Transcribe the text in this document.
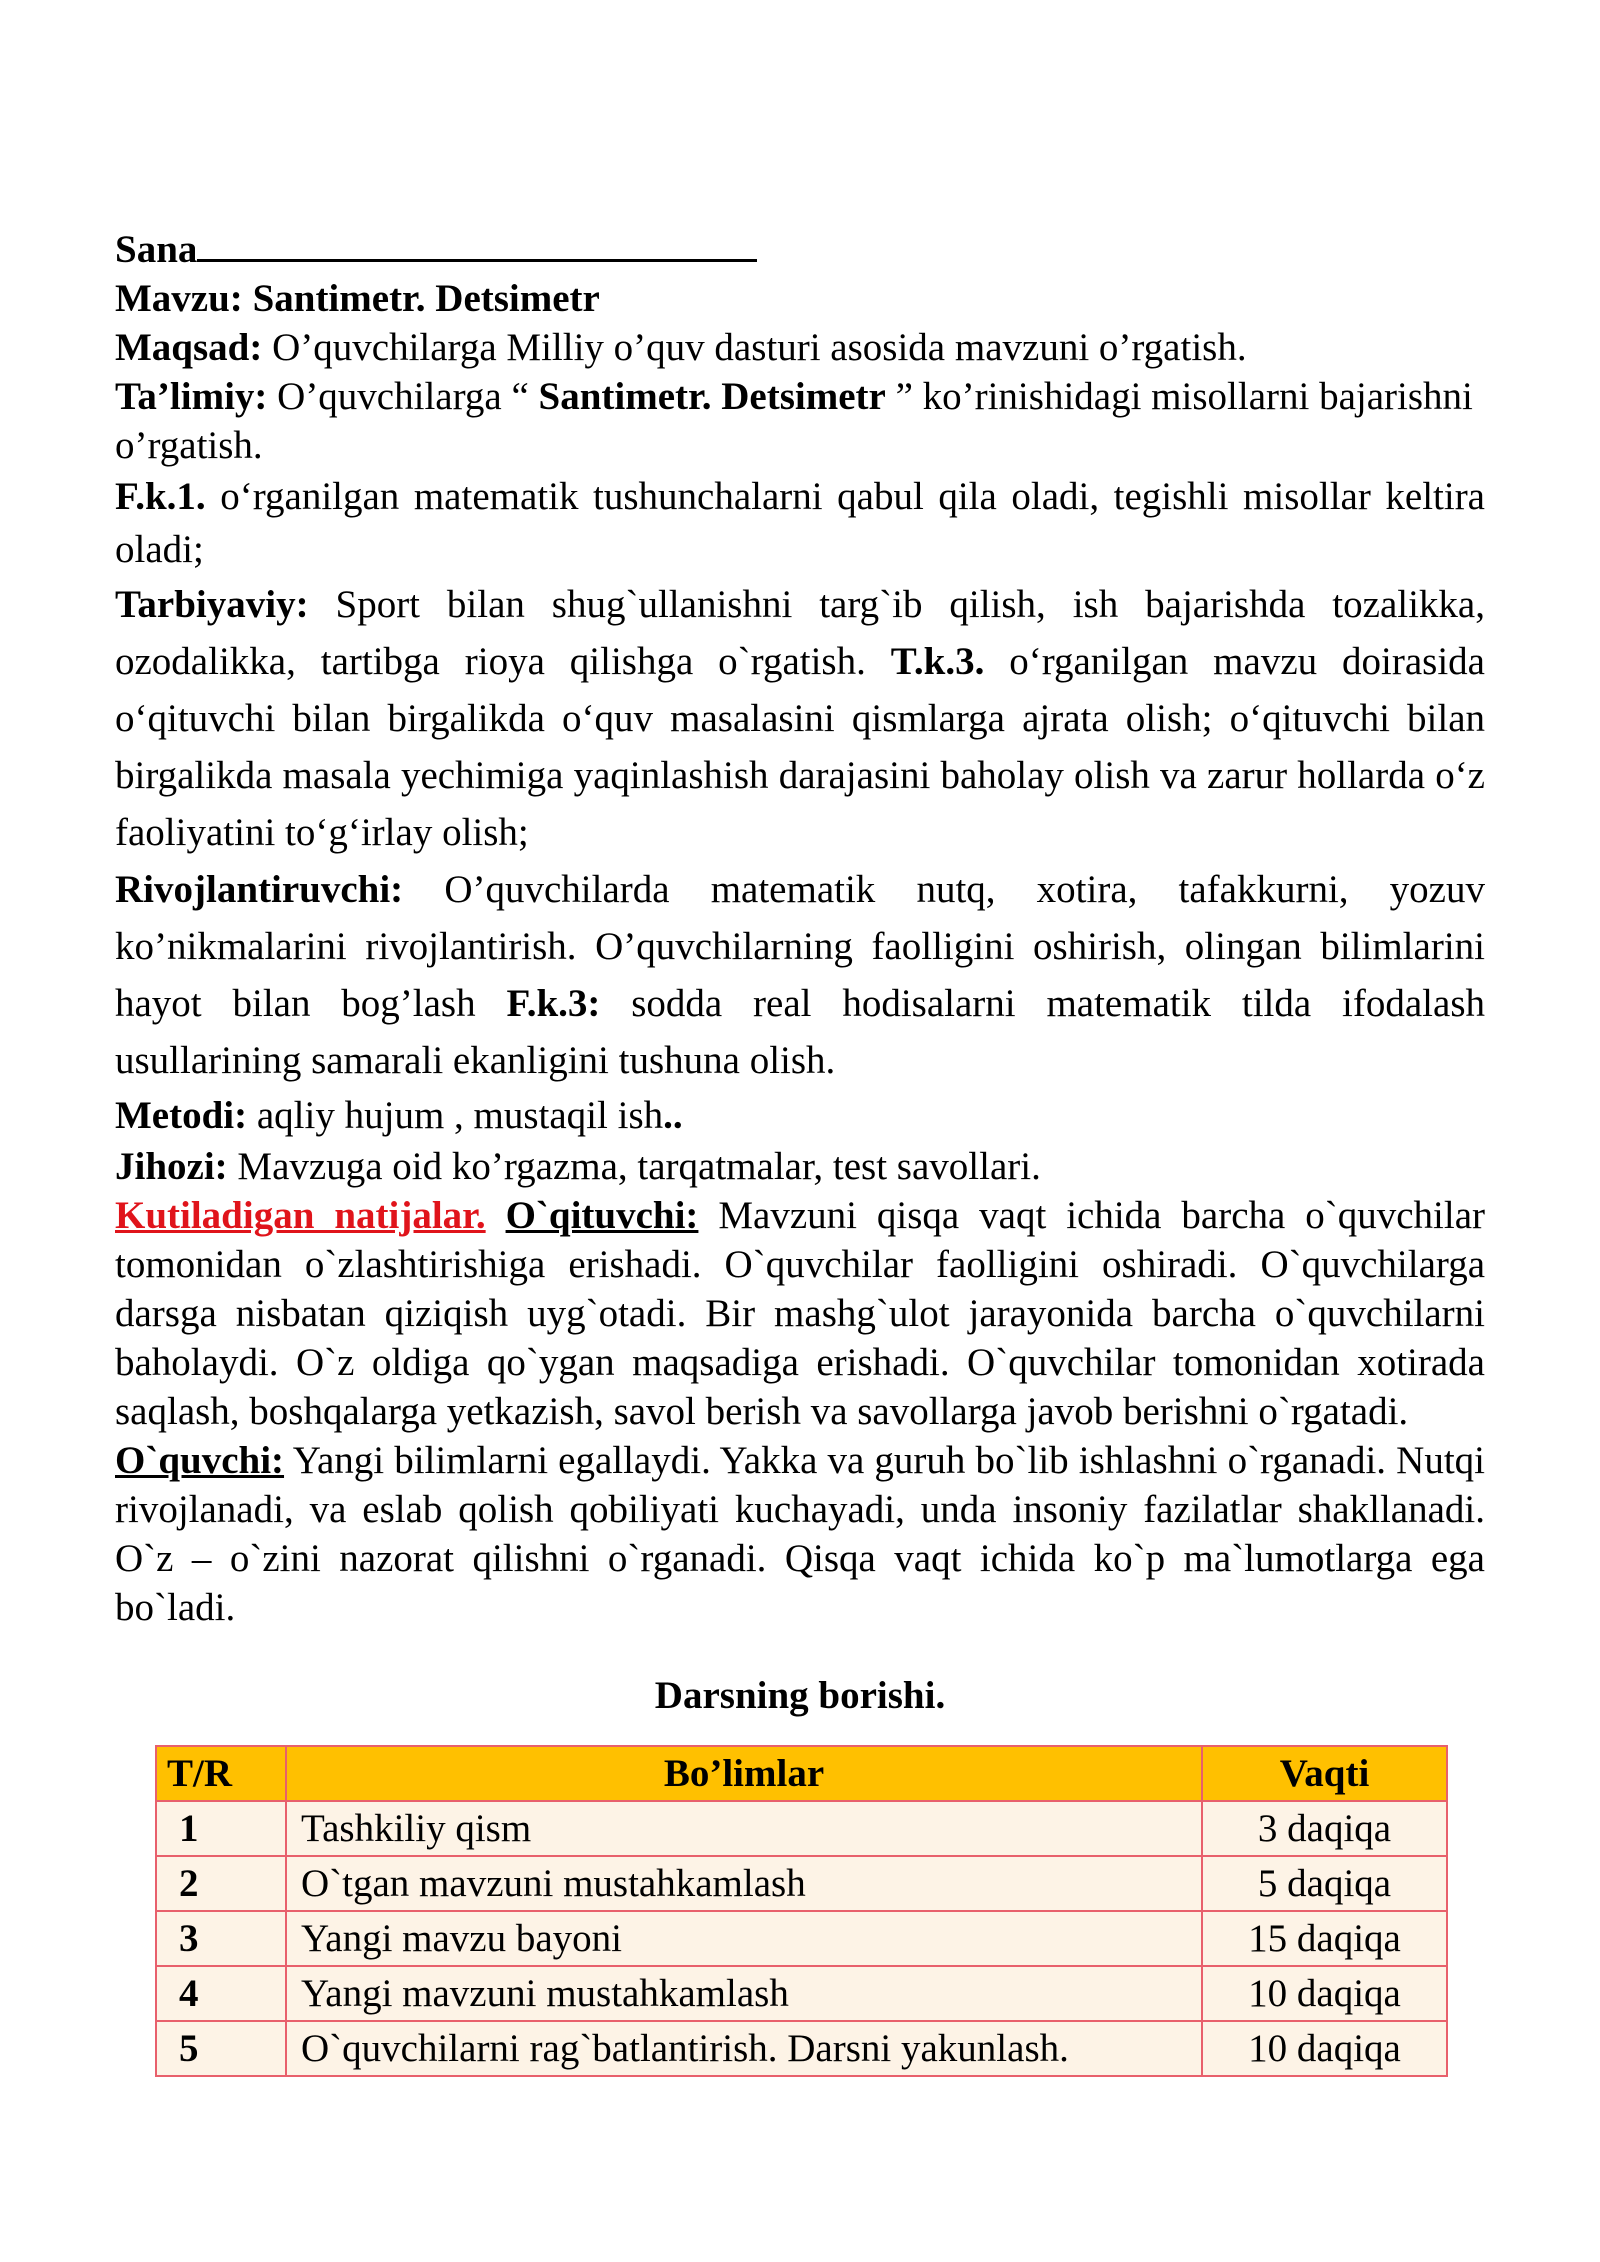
Sana

Mavzu: Santimetr. Detsimetr

Maqsad: O’quvchilarga Milliy o’quv dasturi asosida mavzuni o’rgatish.

Ta’limiy: O’quvchilarga “ Santimetr. Detsimetr ” ko’rinishidagi misollarni bajarishni o’rgatish.

F.k.1. o‘rganilgan matematik tushunchalarni qabul qila oladi, tegishli misollar keltira oladi;

Tarbiyaviy: Sport bilan shug`ullanishni targ`ib qilish, ish bajarishda tozalikka, ozodalikka, tartibga rioya qilishga o`rgatish. T.k.3. o‘rganilgan mavzu doirasida o‘qituvchi bilan birgalikda o‘quv masalasini qismlarga ajrata olish; o‘qituvchi bilan birgalikda masala yechimiga yaqinlashish darajasini baholay olish va zarur hollarda o‘z faoliyatini to‘g‘irlay olish;

Rivojlantiruvchi: O’quvchilarda matematik nutq, xotira, tafakkurni, yozuv ko’nikmalarini rivojlantirish. O’quvchilarning faolligini oshirish, olingan bilimlarini hayot bilan bog’lash F.k.3: sodda real hodisalarni matematik tilda ifodalash usullarining samarali ekanligini tushuna olish.

Metodi: aqliy hujum , mustaqil ish..

Jihozi: Mavzuga oid ko’rgazma, tarqatmalar, test savollari.

Kutiladigan natijalar. O`qituvchi: Mavzuni qisqa vaqt ichida barcha o`quvchilar tomonidan o`zlashtirishiga erishadi. O`quvchilar faolligini oshiradi. O`quvchilarga darsga nisbatan qiziqish uyg`otadi. Bir mashg`ulot jarayonida barcha o`quvchilarni baholaydi. O`z oldiga qo`ygan maqsadiga erishadi. O`quvchilar tomonidan xotirada saqlash, boshqalarga yetkazish, savol berish va savollarga javob berishni o`rgatadi.

O`quvchi: Yangi bilimlarni egallaydi. Yakka va guruh bo`lib ishlashni o`rganadi. Nutqi rivojlanadi, va eslab qolish qobiliyati kuchayadi, unda insoniy fazilatlar shakllanadi. O`z – o`zini nazorat qilishni o`rganadi. Qisqa vaqt ichida ko`p ma`lumotlarga ega bo`ladi.

Darsning borishi.

T/R	Bo’limlar	Vaqti
1	Tashkiliy qism	3 daqiqa
2	O`tgan mavzuni mustahkamlash	5 daqiqa
3	Yangi mavzu bayoni	15 daqiqa
4	Yangi mavzuni mustahkamlash	10 daqiqa
5	O`quvchilarni rag`batlantirish. Darsni yakunlash.	10 daqiqa
